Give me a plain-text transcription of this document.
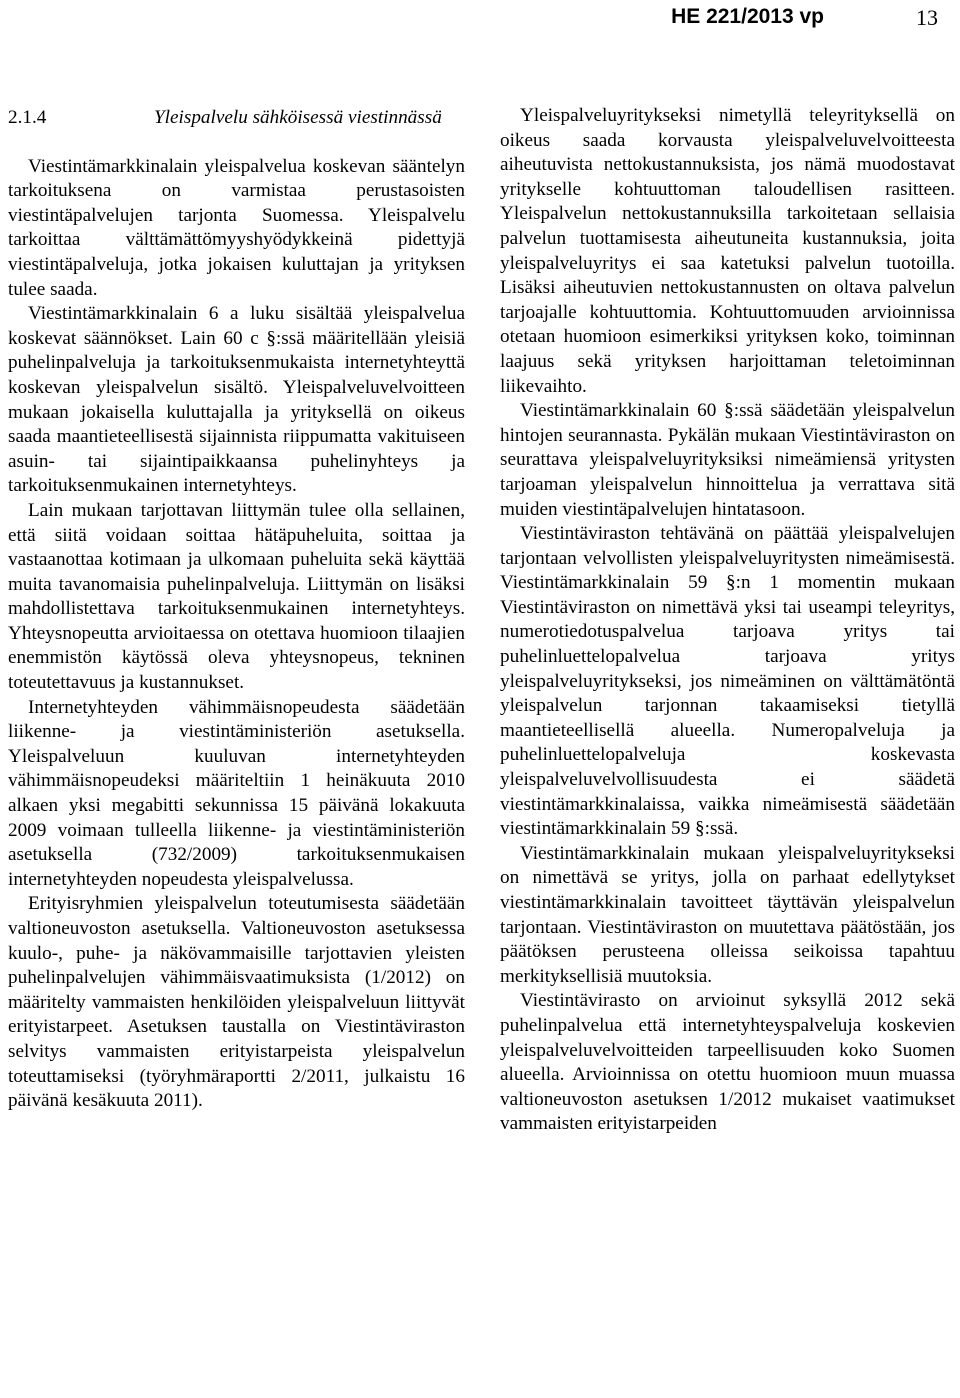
HE 221/2013 vp	13
2.1.4	Yleispalvelu sähköisessä viestinnässä

Viestintämarkkinalain yleispalvelua koskevan sääntelyn tarkoituksena on varmistaa perustasoisten viestintäpalvelujen tarjonta Suomessa. Yleispalvelu tarkoittaa välttämättömyyshyödykkeinä pidettyjä viestintäpalveluja, jotka jokaisen kuluttajan ja yrityksen tulee saada.

Viestintämarkkinalain 6 a luku sisältää yleispalvelua koskevat säännökset. Lain 60 c §:ssä määritellään yleisiä puhelinpalveluja ja tarkoituksenmukaista internetyhteyttä koskevan yleispalvelun sisältö. Yleispalveluvelvoitteen mukaan jokaisella kuluttajalla ja yrityksellä on oikeus saada maantieteellisestä sijainnista riippumatta vakituiseen asuin- tai sijaintipaikkaansa puhelinyhteys ja tarkoituksenmukainen internetyhteys.

Lain mukaan tarjottavan liittymän tulee olla sellainen, että siitä voidaan soittaa hätäpuheluita, soittaa ja vastaanottaa kotimaan ja ulkomaan puheluita sekä käyttää muita tavanomaisia puhelinpalveluja. Liittymän on lisäksi mahdollistettava tarkoituksenmukainen internetyhteys. Yhteysnopeutta arvioitaessa on otettava huomioon tilaajien enemmistön käytössä oleva yhteysnopeus, tekninen toteutettavuus ja kustannukset.

Internetyhteyden vähimmäisnopeudesta säädetään liikenne- ja viestintäministeriön asetuksella. Yleispalveluun kuuluvan internetyhteyden vähimmäisnopeudeksi määriteltiin 1 heinäkuuta 2010 alkaen yksi megabitti sekunnissa 15 päivänä lokakuuta 2009 voimaan tulleella liikenne- ja viestintäministeriön asetuksella (732/2009) tarkoituksenmukaisen internetyhteyden nopeudesta yleispalvelussa.

Erityisryhmien yleispalvelun toteutumisesta säädetään valtioneuvoston asetuksella. Valtioneuvoston asetuksessa kuulo-, puhe- ja näkövammaisille tarjottavien yleisten puhelinpalvelujen vähimmäisvaatimuksista (1/2012) on määritelty vammaisten henkilöiden yleispalveluun liittyvät erityistarpeet. Asetuksen taustalla on Viestintäviraston selvitys vammaisten erityistarpeista yleispalvelun toteuttamiseksi (työryhmäraportti 2/2011, julkaistu 16 päivänä kesäkuuta 2011).

Yleispalveluyritykseksi nimetyllä teleyrityksellä on oikeus saada korvausta yleispalveluvelvoitteesta aiheutuvista nettokustannuksista, jos nämä muodostavat yritykselle kohtuuttoman taloudellisen rasitteen. Yleispalvelun nettokustannuksilla tarkoitetaan sellaisia palvelun tuottamisesta aiheutuneita kustannuksia, joita yleispalveluyritys ei saa katetuksi palvelun tuotoilla. Lisäksi aiheutuvien nettokustannusten on oltava palvelun tarjoajalle kohtuuttomia. Kohtuuttomuuden arvioinnissa otetaan huomioon esimerkiksi yrityksen koko, toiminnan laajuus sekä yrityksen harjoittaman teletoiminnan liikevaihto.

Viestintämarkkinalain 60 §:ssä säädetään yleispalvelun hintojen seurannasta. Pykälän mukaan Viestintäviraston on seurattava yleispalveluyrityksiksi nimeämiensä yritysten tarjoaman yleispalvelun hinnoittelua ja verrattava sitä muiden viestintäpalvelujen hintatasoon.

Viestintäviraston tehtävänä on päättää yleispalvelujen tarjontaan velvollisten yleispalveluyritysten nimeämisestä. Viestintämarkkinalain 59 §:n 1 momentin mukaan Viestintäviraston on nimettävä yksi tai useampi teleyritys, numerotiedotuspalvelua tarjoava yritys tai puhelinluettelopalvelua tarjoava yritys yleispalveluyritykseksi, jos nimeäminen on välttämätöntä yleispalvelun tarjonnan takaamiseksi tietyllä maantieteellisellä alueella. Numeropalveluja ja puhelinluettelopalveluja koskevasta yleispalveluvelvollisuudesta ei säädetä viestintämarkkinalaissa, vaikka nimeämisestä säädetään viestintämarkkinalain 59 §:ssä.

Viestintämarkkinalain mukaan yleispalveluyritykseksi on nimettävä se yritys, jolla on parhaat edellytykset viestintämarkkinalain tavoitteet täyttävän yleispalvelun tarjontaan. Viestintäviraston on muutettava päätöstään, jos päätöksen perusteena olleissa seikoissa tapahtuu merkityksellisiä muutoksia.

Viestintävirasto on arvioinut syksyllä 2012 sekä puhelinpalvelua että internetyhteyspalveluja koskevien yleispalveluvelvoitteiden tarpeellisuuden koko Suomen alueella. Arvioinnissa on otettu huomioon muun muassa valtioneuvoston asetuksen 1/2012 mukaiset vaatimukset vammaisten erityistarpeiden
